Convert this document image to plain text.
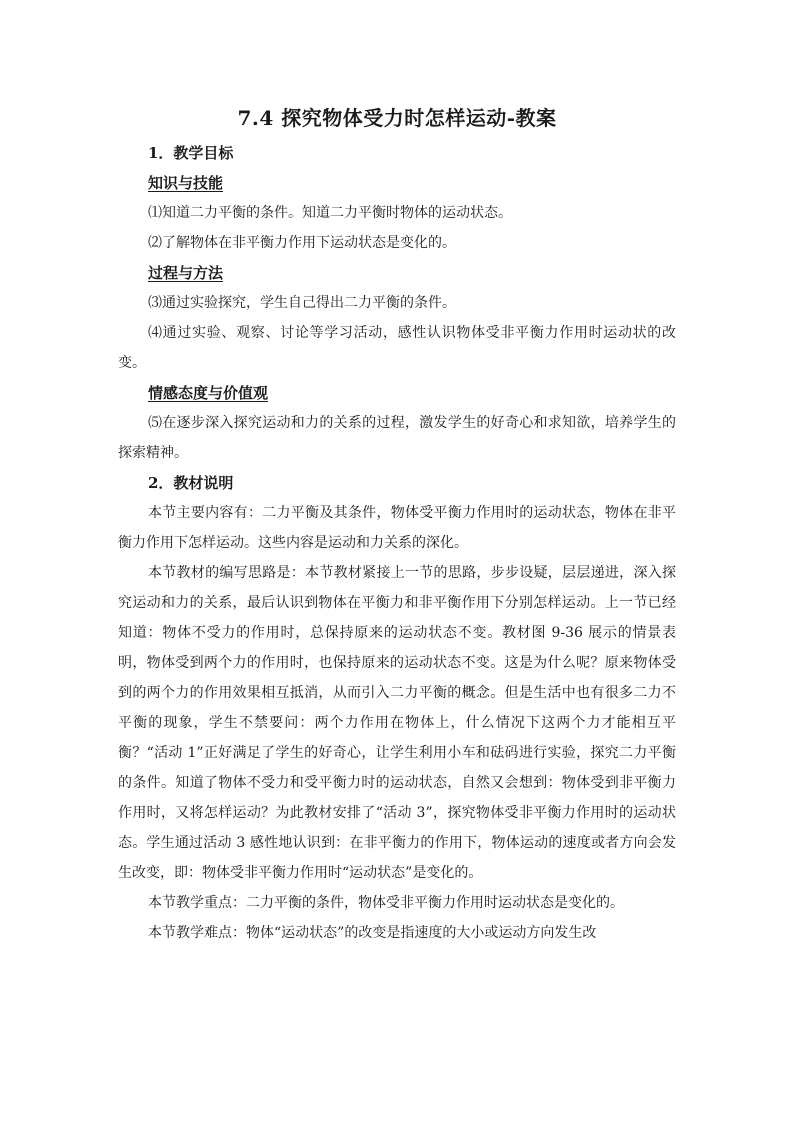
7.4 探究物体受力时怎样运动-教案
1．教学目标
知识与技能

⑴知道二力平衡的条件。知道二力平衡时物体的运动状态。

⑵了解物体在非平衡力作用下运动状态是变化的。

过程与方法

⑶通过实验探究，学生自己得出二力平衡的条件。

⑷通过实验、观察、讨论等学习活动，感性认识物体受非平衡力作用时运动状的改变。

情感态度与价值观

⑸在逐步深入探究运动和力的关系的过程，激发学生的好奇心和求知欲，培养学生的探索精神。

2．教材说明

本节主要内容有：二力平衡及其条件，物体受平衡力作用时的运动状态，物体在非平衡力作用下怎样运动。这些内容是运动和力关系的深化。

本节教材的编写思路是：本节教材紧接上一节的思路，步步设疑，层层递进，深入探究运动和力的关系，最后认识到物体在平衡力和非平衡作用下分别怎样运动。上一节已经知道：物体不受力的作用时，总保持原来的运动状态不变。教材图 9-36 展示的情景表明，物体受到两个力的作用时，也保持原来的运动状态不变。这是为什么呢？原来物体受到的两个力的作用效果相互抵消，从而引入二力平衡的概念。但是生活中也有很多二力不平衡的现象，学生不禁要问：两个力作用在物体上，什么情况下这两个力才能相互平衡？“活动 1”正好满足了学生的好奇心，让学生利用小车和砝码进行实验，探究二力平衡的条件。知道了物体不受力和受平衡力时的运动状态，自然又会想到：物体受到非平衡力作用时，又将怎样运动？为此教材安排了“活动 3”，探究物体受非平衡力作用时的运动状态。学生通过活动 3 感性地认识到：在非平衡力的作用下，物体运动的速度或者方向会发生改变，即：物体受非平衡力作用时“运动状态”是变化的。

本节教学重点：二力平衡的条件，物体受非平衡力作用时运动状态是变化的。

本节教学难点：物体“运动状态”的改变是指速度的大小或运动方向发生改
